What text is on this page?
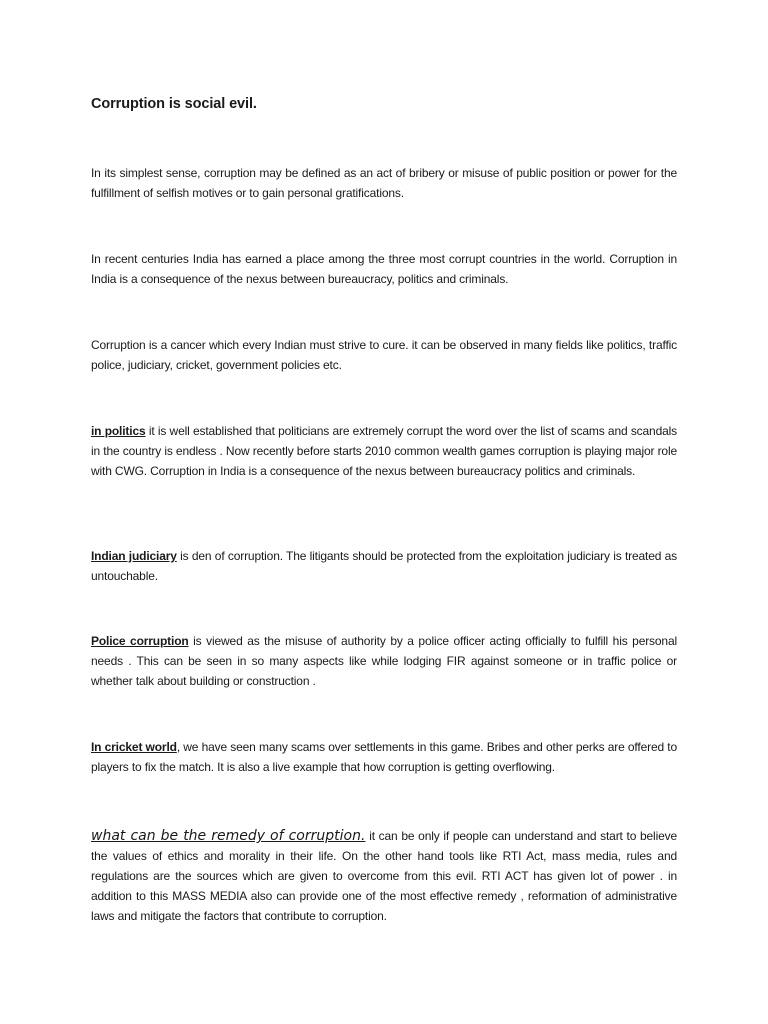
Corruption is social evil.

In its simplest sense, corruption may be defined as an act of bribery or misuse of public position or power for the fulfillment of selfish motives or to gain personal gratifications.

In recent centuries India has earned a place among the three most corrupt countries in the world. Corruption in India is a consequence of the nexus between bureaucracy, politics and criminals.

Corruption is a cancer which every Indian must strive to cure. it can be observed in many fields like politics, traffic police, judiciary, cricket, government policies etc.

in politics it is well established that politicians are extremely corrupt the word over the list of scams and scandals in the country is endless . Now recently before starts 2010 common wealth games corruption is playing major role with CWG. Corruption in India is a consequence of the nexus between bureaucracy politics and criminals.

Indian judiciary is den of corruption. The litigants should be protected from the exploitation judiciary is treated as untouchable.

Police corruption is viewed as the misuse of authority by a police officer acting officially to fulfill his personal needs . This can be seen in so many aspects like while lodging FIR against someone or in traffic police or whether talk about building or construction .

In cricket world, we have seen many scams over settlements in this game. Bribes and other perks are offered to players to fix the match. It is also a live example that how corruption is getting overflowing.

what can be the remedy of corruption. it can be only if people can understand and start to believe the values of ethics and morality in their life. On the other hand tools like RTI Act, mass media, rules and regulations are the sources which are given to overcome from this evil. RTI ACT has given lot of power . in addition to this MASS MEDIA also can provide one of the most effective remedy , reformation of administrative laws and mitigate the factors that contribute to corruption.
